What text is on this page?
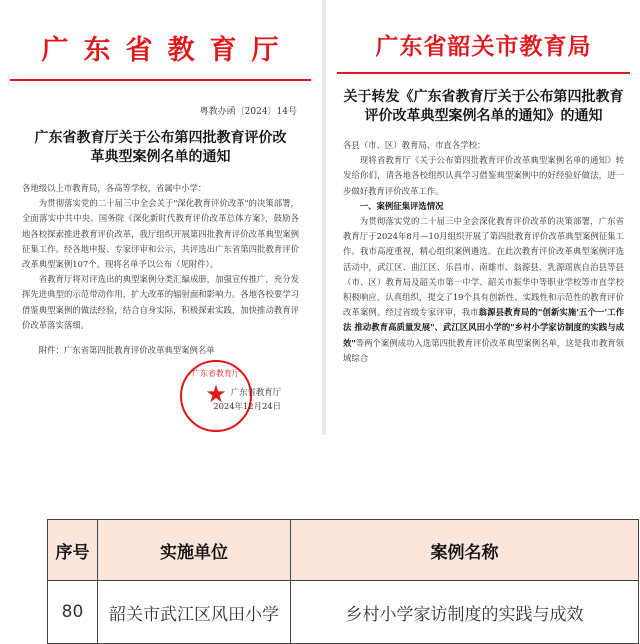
广东省教育厅
粤教办函〔2024〕14号
广东省教育厅关于公布第四批教育评价改革典型案例名单的通知

各地级以上市教育局，各高等学校，省属中小学：

为贯彻落实党的二十届三中全会关于"深化教育评价改革"的决策部署，全面落实中共中央、国务院《深化新时代教育评价改革总体方案》，鼓励各地各校探索推进教育评价改革，我厅组织开展第四批教育评价改革典型案例征集工作。经各地申报、专家评审和公示，共评选出广东省第四批教育评价改革典型案例107个。现将名单予以公布（见附件）。

省教育厅将对评选出的典型案例分类汇编成册，加强宣传推广，充分发挥先进典型的示范带动作用，扩大改革的辐射面和影响力。各地各校要学习借鉴典型案例的做法经验，结合自身实际，积极探索实践，加快推动教育评价改革落实落细。

附件：广东省第四批教育评价改革典型案例名单

广东省教育厅
★ 广东省教育厅
2024年12月24日
广东省韶关市教育局
关于转发《广东省教育厅关于公布第四批教育评价改革典型案例名单的通知》的通知

各县（市、区）教育局、市直各学校：

现将省教育厅《关于公布第四批教育评价改革典型案例名单的通知》转发给你们，请各地各校组织认真学习借鉴典型案例中的好经验好做法，进一步做好教育评价改革工作。

一、案例征集评选情况

为贯彻落实党的二十届三中全会深化教育评价改革的决策部署，广东省教育厅于2024年8月—10月组织开展了第四批教育评价改革典型案例征集工作。我市高度重视，精心组织案例遴选。在此次教育评价改革典型案例评选活动中，武江区、曲江区、乐昌市、南雄市、翁源县、乳源瑶族自治县等县（市、区）教育局及韶关市第一中学、韶关市振华中等职业学校等市直学校积极响应，认真组织，提交了19个具有创新性、实践性和示范性的教育评价改革案例。经过省级专家评审，我市翁源县教育局的"创新实施'五个一'工作法 推动教育高质量发展"、武江区风田小学的"乡村小学家访制度的实践与成效"等两个案例成功入选第四批教育评价改革典型案例名单，这是我市教育领域综合

序号	实施单位	案例名称
80	韶关市武江区风田小学	乡村小学家访制度的实践与成效
